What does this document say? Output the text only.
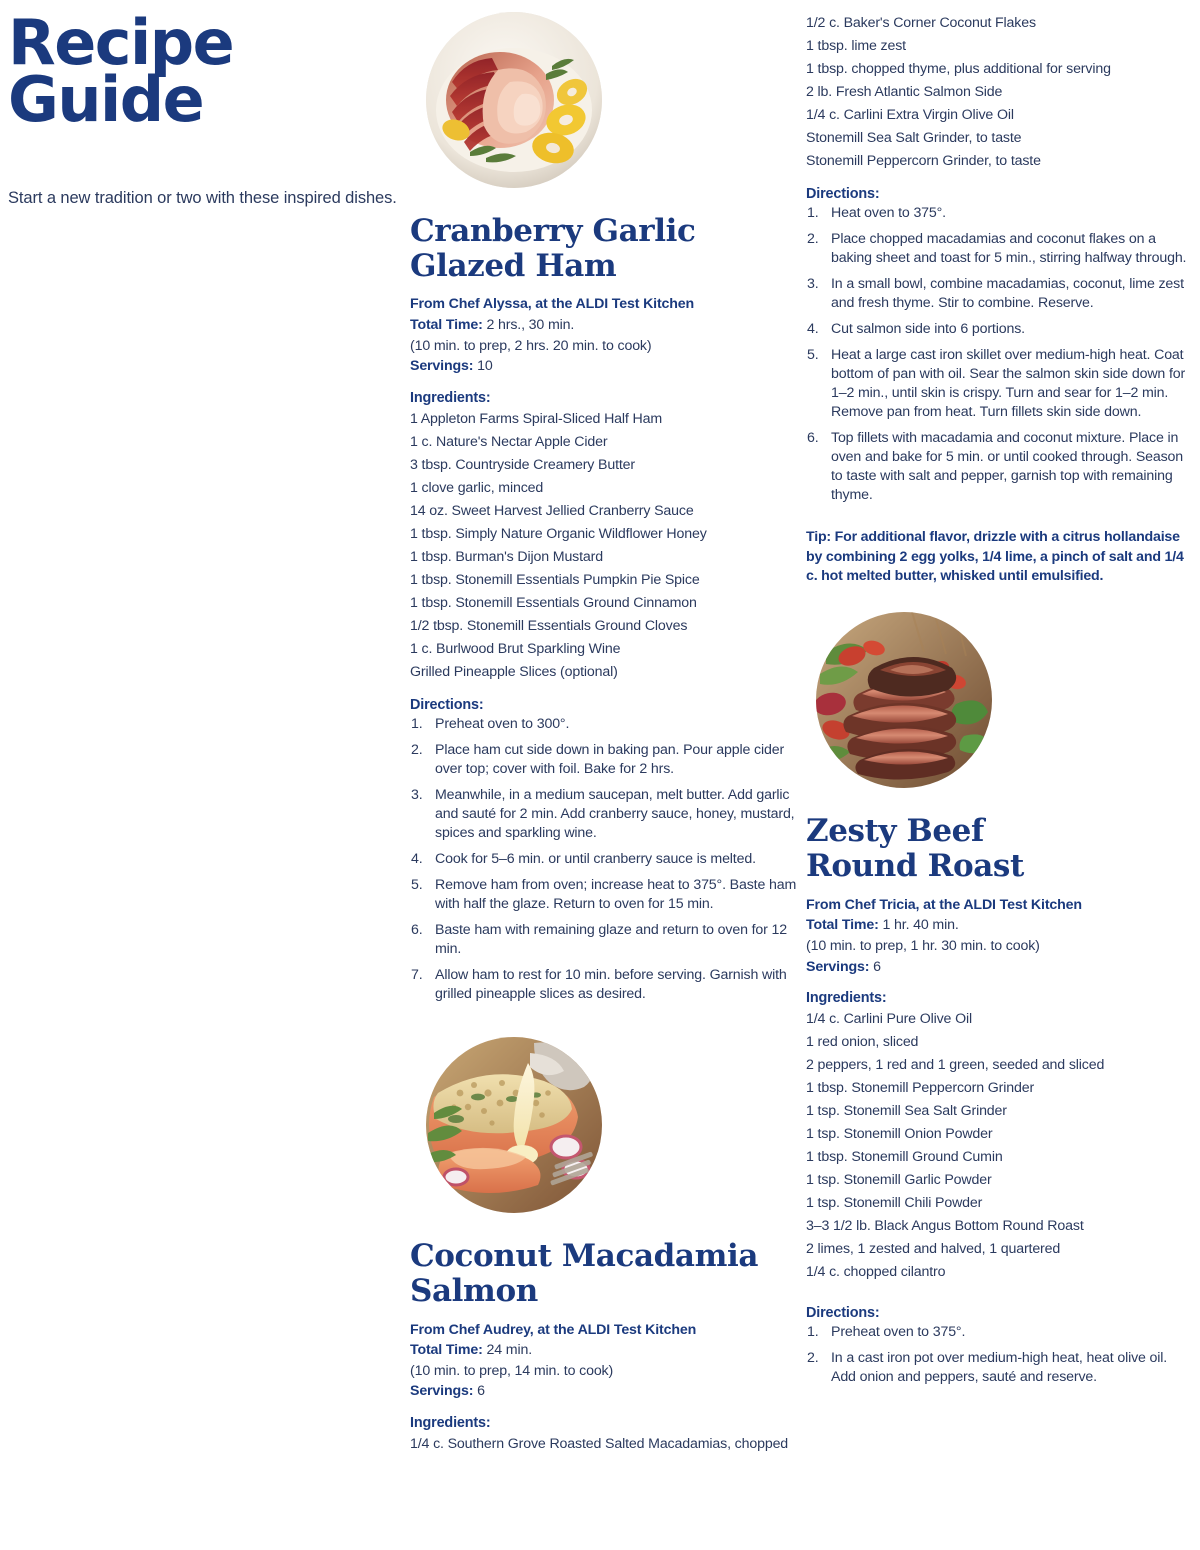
Recipe
Guide
Start a new tradition or two with these inspired dishes.
Cranberry Garlic
Glazed Ham
From Chef Alyssa, at the ALDI Test Kitchen
Total Time: 2 hrs., 30 min.
(10 min. to prep, 2 hrs. 20 min. to cook)
Servings: 10
Ingredients:
1 Appleton Farms Spiral-Sliced Half Ham
1 c. Nature's Nectar Apple Cider
3 tbsp. Countryside Creamery Butter
1 clove garlic, minced
14 oz. Sweet Harvest Jellied Cranberry Sauce
1 tbsp. Simply Nature Organic Wildflower Honey
1 tbsp. Burman's Dijon Mustard
1 tbsp. Stonemill Essentials Pumpkin Pie Spice
1 tbsp. Stonemill Essentials Ground Cinnamon
1/2 tbsp. Stonemill Essentials Ground Cloves
1 c. Burlwood Brut Sparkling Wine
Grilled Pineapple Slices (optional)
Directions:
Preheat oven to 300°.
Place ham cut side down in baking pan. Pour apple cider over top; cover with foil. Bake for 2 hrs.
Meanwhile, in a medium saucepan, melt butter. Add garlic and sauté for 2 min. Add cranberry sauce, honey, mustard, spices and sparkling wine.
Cook for 5–6 min. or until cranberry sauce is melted.
Remove ham from oven; increase heat to 375°. Baste ham with half the glaze. Return to oven for 15 min.
Baste ham with remaining glaze and return to oven for 12 min.
Allow ham to rest for 10 min. before serving. Garnish with grilled pineapple slices as desired.
Coconut Macadamia
Salmon
From Chef Audrey, at the ALDI Test Kitchen
Total Time: 24 min.
(10 min. to prep, 14 min. to cook)
Servings: 6
Ingredients:
1/4 c. Southern Grove Roasted Salted Macadamias, chopped
1/2 c. Baker's Corner Coconut Flakes
1 tbsp. lime zest
1 tbsp. chopped thyme, plus additional for serving
2 lb. Fresh Atlantic Salmon Side
1/4 c. Carlini Extra Virgin Olive Oil
Stonemill Sea Salt Grinder, to taste
Stonemill Peppercorn Grinder, to taste
Directions:
Heat oven to 375°.
Place chopped macadamias and coconut flakes on a baking sheet and toast for 5 min., stirring halfway through.
In a small bowl, combine macadamias, coconut, lime zest and fresh thyme. Stir to combine. Reserve.
Cut salmon side into 6 portions.
Heat a large cast iron skillet over medium-high heat. Coat bottom of pan with oil. Sear the salmon skin side down for 1–2 min., until skin is crispy. Turn and sear for 1–2 min. Remove pan from heat. Turn fillets skin side down.
Top fillets with macadamia and coconut mixture. Place in oven and bake for 5 min. or until cooked through. Season to taste with salt and pepper, garnish top with remaining thyme.
Tip: For additional flavor, drizzle with a citrus hollandaise by combining 2 egg yolks, 1/4 lime, a pinch of salt and 1/4 c. hot melted butter, whisked until emulsified.
Zesty Beef
Round Roast
From Chef Tricia, at the ALDI Test Kitchen
Total Time: 1 hr. 40 min.
(10 min. to prep, 1 hr. 30 min. to cook)
Servings: 6
Ingredients:
1/4 c. Carlini Pure Olive Oil
1 red onion, sliced
2 peppers, 1 red and 1 green, seeded and sliced
1 tbsp. Stonemill Peppercorn Grinder
1 tsp. Stonemill Sea Salt Grinder
1 tsp. Stonemill Onion Powder
1 tbsp. Stonemill Ground Cumin
1 tsp. Stonemill Garlic Powder
1 tsp. Stonemill Chili Powder
3–3 1/2 lb. Black Angus Bottom Round Roast
2 limes, 1 zested and halved, 1 quartered
1/4 c. chopped cilantro
Directions:
Preheat oven to 375°.
In a cast iron pot over medium-high heat, heat olive oil. Add onion and peppers, sauté and reserve.
